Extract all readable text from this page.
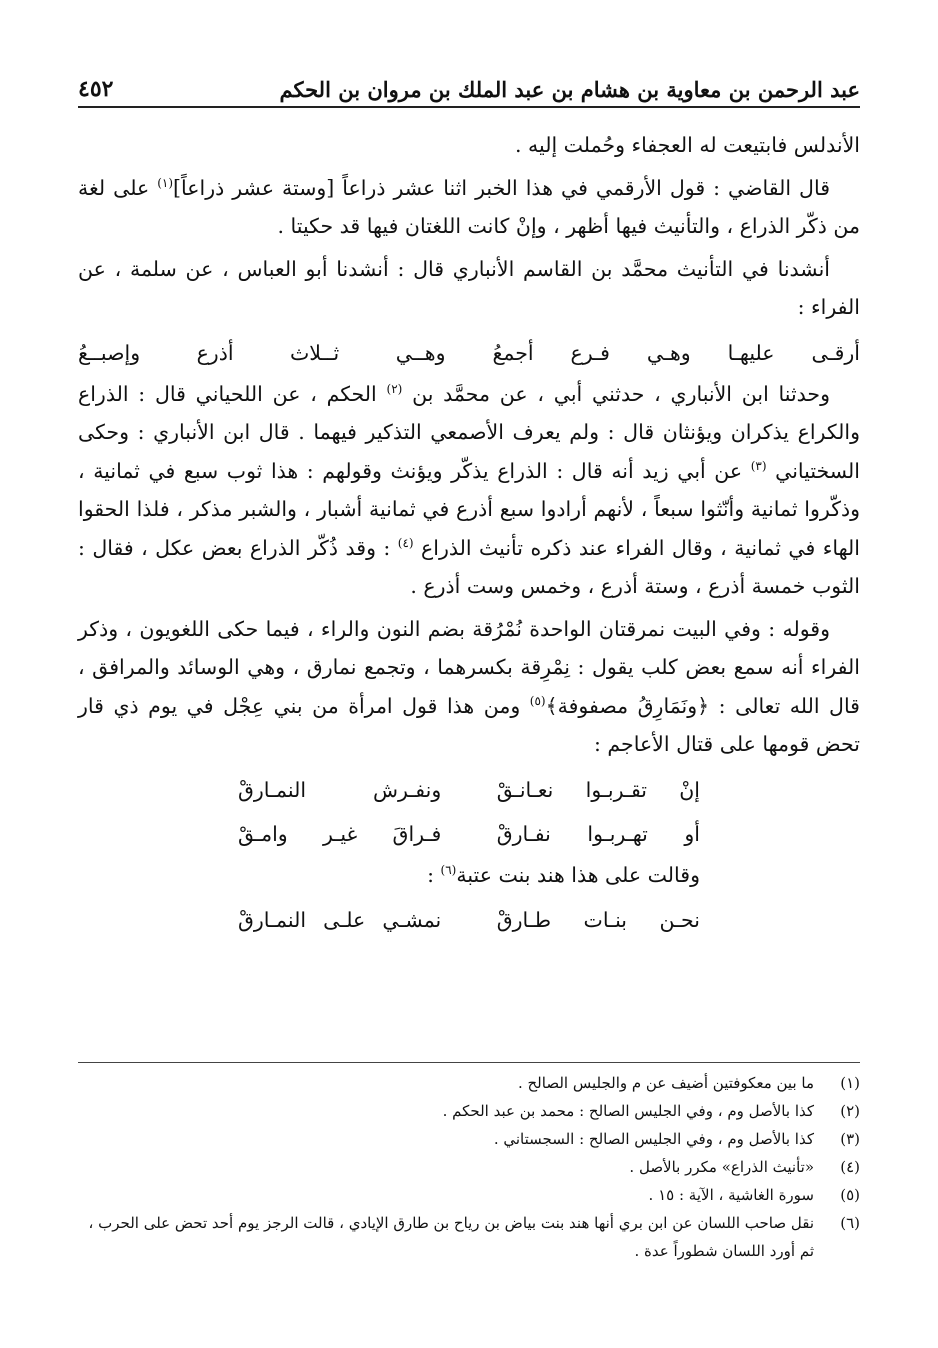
عبد الرحمن بن معاوية بن هشام بن عبد الملك بن مروان بن الحكم
٤٥٢

الأندلس فابتيعت له العجفاء وحُملت إليه .

قال القاضي : قول الأرقمي في هذا الخبر اثنا عشر ذراعاً [وستة عشر ذراعاً]$^{(١)}$ على لغة من ذكّر الذراع ، والتأنيث فيها أظهر ، وإنْ كانت اللغتان فيها قد حكيتا .

أنشدنا في التأنيث محمَّد بن القاسم الأنباري قال : أنشدنا أبو العباس ، عن سلمة ، عن الفراء :

أرقـى عليهـا وهـي فـرع أجمعُ
وهــي ثــلاث أذرع وإصبــعُ

وحدثنا ابن الأنباري ، حدثني أبي ، عن محمَّد بن $^{(٢)}$ الحكم ، عن اللحياني قال : الذراع والكراع يذكران ويؤنثان قال : ولم يعرف الأصمعي التذكير فيهما . قال ابن الأنباري : وحكى السختياني $^{(٣)}$ عن أبي زيد أنه قال : الذراع يذكّر ويؤنث وقولهم : هذا ثوب سبع في ثمانية ، وذكّروا ثمانية وأنّثوا سبعاً ، لأنهم أرادوا سبع أذرع في ثمانية أشبار ، والشبر مذكر ، فلذا الحقوا الهاء في ثمانية ، وقال الفراء عند ذكره تأنيث الذراع $^{(٤)}$ : وقد ذُكّر الذراع بعض عكل ، فقال : الثوب خمسة أذرع ، وستة أذرع ، وخمس وست أذرع .

وقوله : وفي البيت نمرقتان الواحدة نُمْرُقة بضم النون والراء ، فيما حكى اللغويون ، وذكر الفراء أنه سمع بعض كلب يقول : نِمْرِقة بكسرهما ، وتجمع نمارق ، وهي الوسائد والمرافق ، قال الله تعالى : ﴿ونَمَارِقُ مصفوفة﴾$^{(٥)}$ ومن هذا قول امرأة من بني عِجْل في يوم ذي قار تحض قومها على قتال الأعاجم :

إنْ تقـربـوا نعـانـقْ
ونفـرش النمـارقْ
أو تهـربـوا نفـارقْ
فـراقَ غيـر وامـقْ

وقالت على هذا هند بنت عتبة$^{(٦)}$ :

نحـن بنـات طـارقْ
نمشـي علـى النمـارقْ
(١)
ما بين معكوفتين أضيف عن م والجليس الصالح .
(٢)
كذا بالأصل وم ، وفي الجليس الصالح : محمد بن عبد الحكم .
(٣)
كذا بالأصل وم ، وفي الجليس الصالح : السجستاني .
(٤)
«تأنيث الذراع» مكرر بالأصل .
(٥)
سورة الغاشية ، الآية : ١٥ .
(٦)
نقل صاحب اللسان عن ابن بري أنها هند بنت بياض بن رياح بن طارق الإيادي ، قالت الرجز يوم أحد تحض على الحرب ، ثم أورد اللسان شطوراً عدة .
